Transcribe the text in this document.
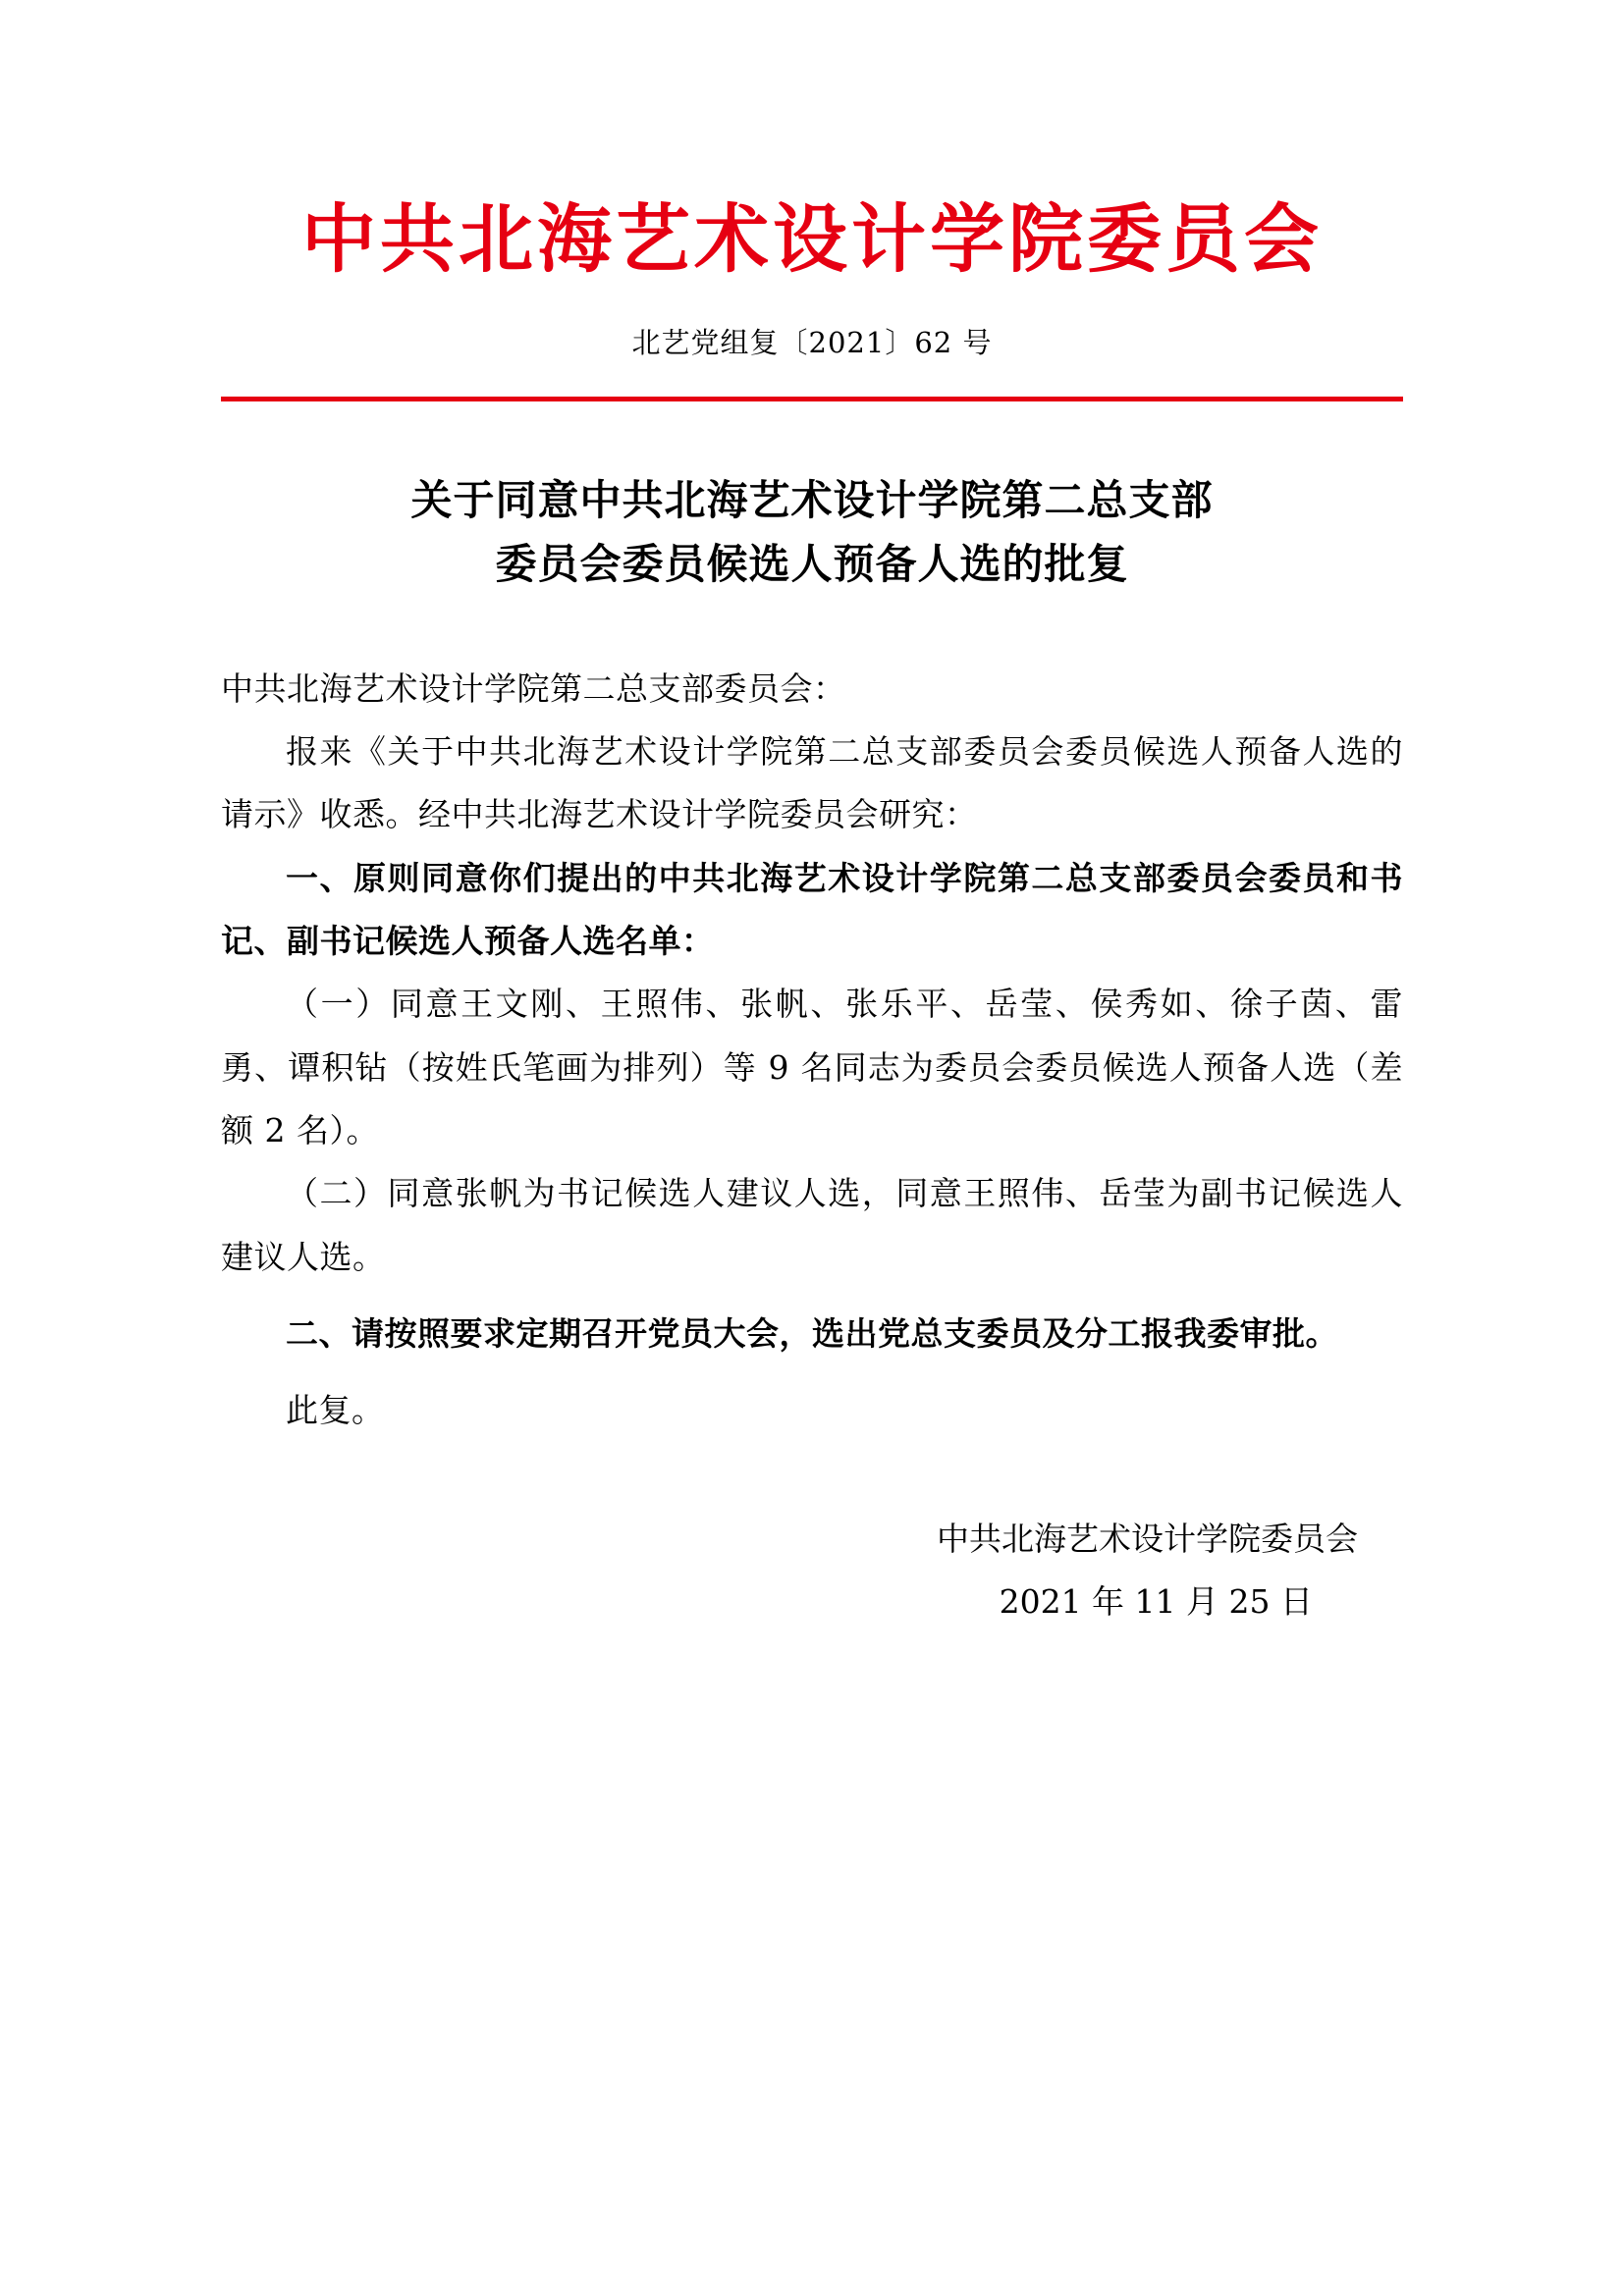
中共北海艺术设计学院委员会
北艺党组复〔2021〕62 号
关于同意中共北海艺术设计学院第二总支部
委员会委员候选人预备人选的批复
中共北海艺术设计学院第二总支部委员会：
报来《关于中共北海艺术设计学院第二总支部委员会委员候选人预备人选的请示》收悉。经中共北海艺术设计学院委员会研究：
一、原则同意你们提出的中共北海艺术设计学院第二总支部委员会委员和书记、副书记候选人预备人选名单：
（一）同意王文刚、王照伟、张帆、张乐平、岳莹、侯秀如、徐子茵、雷勇、谭积钻（按姓氏笔画为排列）等 9 名同志为委员会委员候选人预备人选（差额 2 名）。
（二）同意张帆为书记候选人建议人选，同意王照伟、岳莹为副书记候选人建议人选。
二、请按照要求定期召开党员大会，选出党总支委员及分工报我委审批。
此复。
中共北海艺术设计学院委员会
2021 年 11 月 25 日
